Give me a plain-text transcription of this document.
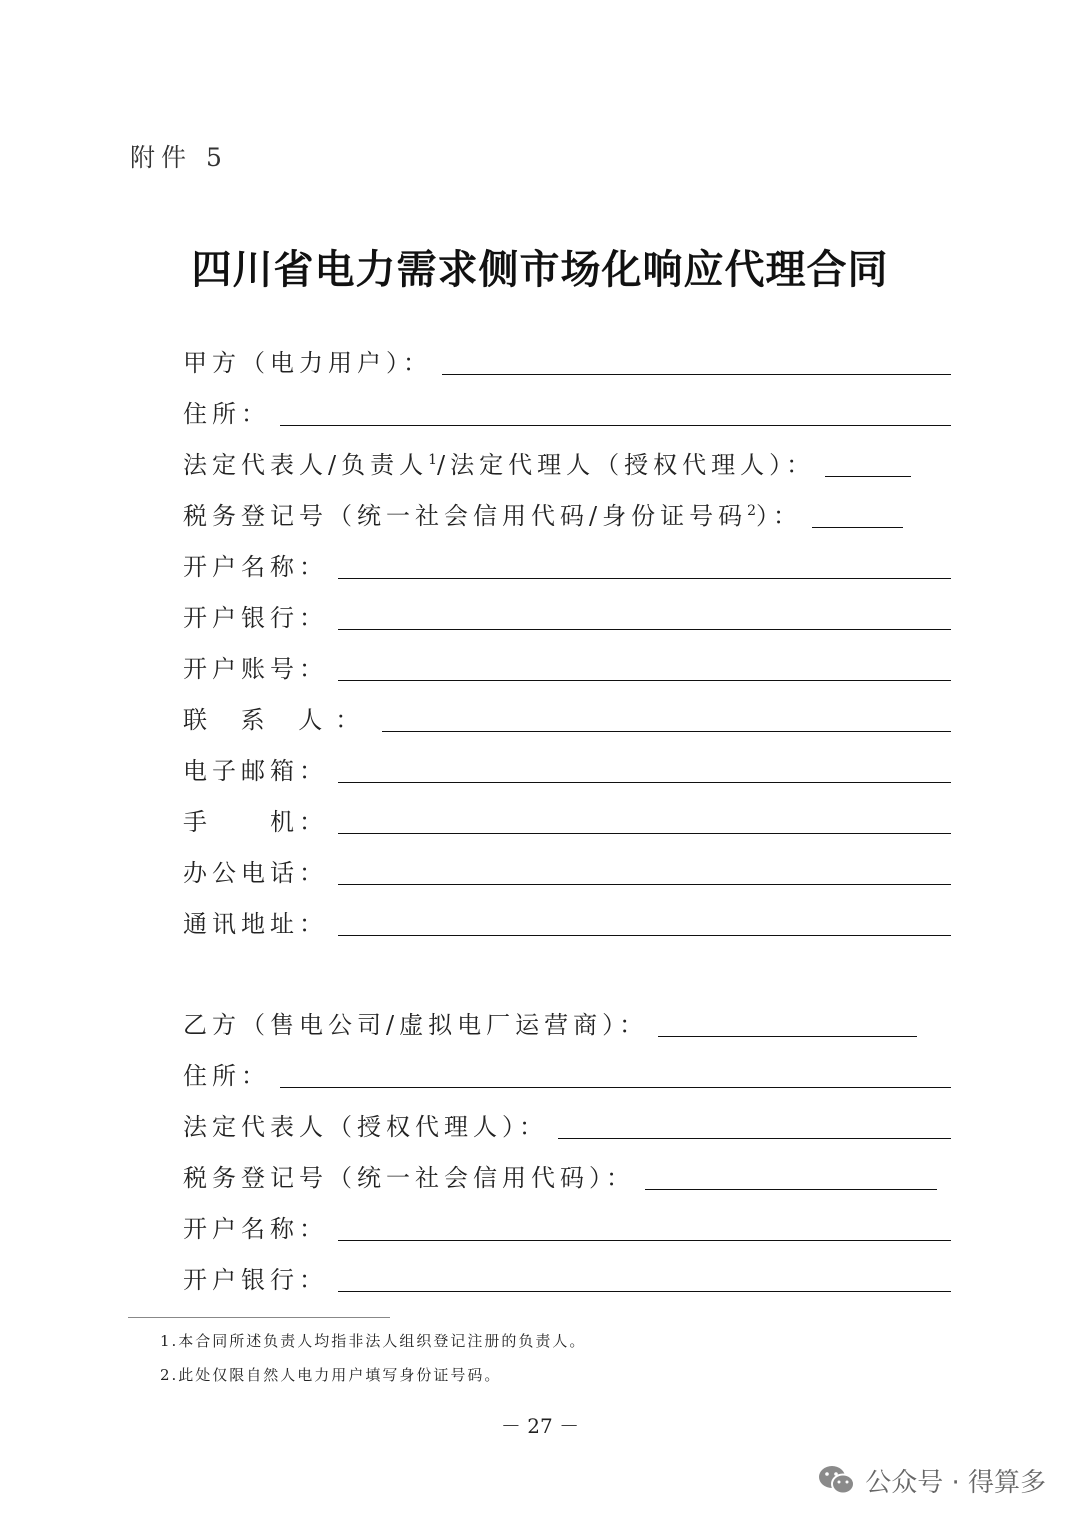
附件 5
四川省电力需求侧市场化响应代理合同
甲方（电力用户）：
住所：
法定代表人/负责人$^1$/法定代理人（授权代理人）：
税务登记号（统一社会信用代码/身份证号码$^2$）：
开户名称：
开户银行：
开户账号：
联 系 人：
电子邮箱：
手　　机：
办公电话：
通讯地址：
乙方（售电公司/虚拟电厂运营商）：
住所：
法定代表人（授权代理人）：
税务登记号（统一社会信用代码）：
开户名称：
开户银行：
1.本合同所述负责人均指非法人组织登记注册的负责人。
2.此处仅限自然人电力用户填写身份证号码。
－ 27 －
公众号 · 得算多
